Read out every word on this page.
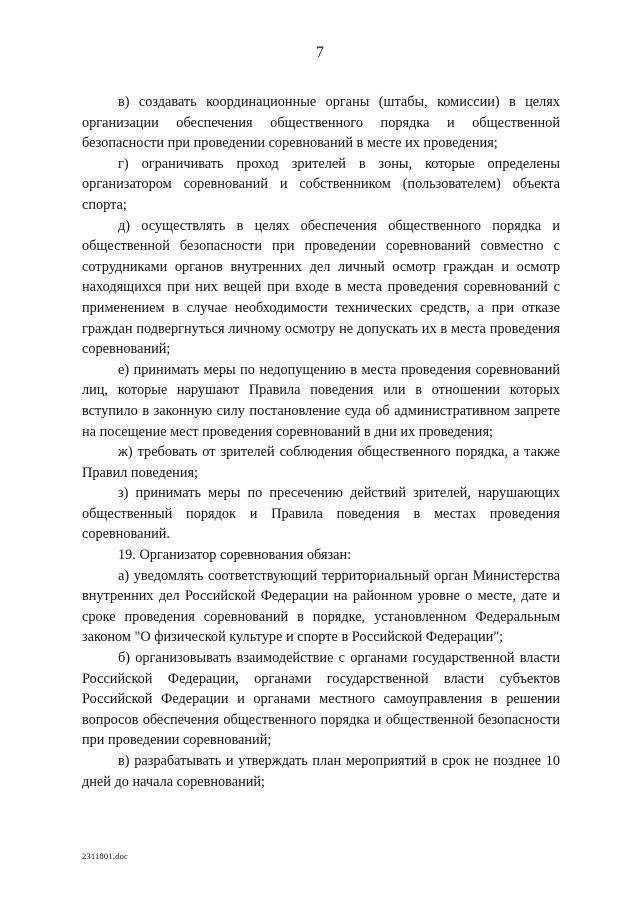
7

в) создавать координационные органы (штабы, комиссии) в целях организации обеспечения общественного порядка и общественной безопасности при проведении соревнований в месте их проведения;

г) ограничивать проход зрителей в зоны, которые определены организатором соревнований и собственником (пользователем) объекта спорта;

д) осуществлять в целях обеспечения общественного порядка и общественной безопасности при проведении соревнований совместно с сотрудниками органов внутренних дел личный осмотр граждан и осмотр находящихся при них вещей при входе в места проведения соревнований с применением в случае необходимости технических средств, а при отказе граждан подвергнуться личному осмотру не допускать их в места проведения соревнований;

е) принимать меры по недопущению в места проведения соревнований лиц, которые нарушают Правила поведения или в отношении которых вступило в законную силу постановление суда об административном запрете на посещение мест проведения соревнований в дни их проведения;

ж) требовать от зрителей соблюдения общественного порядка, а также Правил поведения;

з) принимать меры по пресечению действий зрителей, нарушающих общественный порядок и Правила поведения в местах проведения соревнований.

19. Организатор соревнования обязан:

а) уведомлять соответствующий территориальный орган Министерства внутренних дел Российской Федерации на районном уровне о месте, дате и сроке проведения соревнований в порядке, установленном Федеральным законом "О физической культуре и спорте в Российской Федерации";

б) организовывать взаимодействие с органами государственной власти Российской Федерации, органами государственной власти субъектов Российской Федерации и органами местного самоуправления в решении вопросов обеспечения общественного порядка и общественной безопасности при проведении соревнований;

в) разрабатывать и утверждать план мероприятий в срок не позднее 10 дней до начала соревнований;

2311801.doc
